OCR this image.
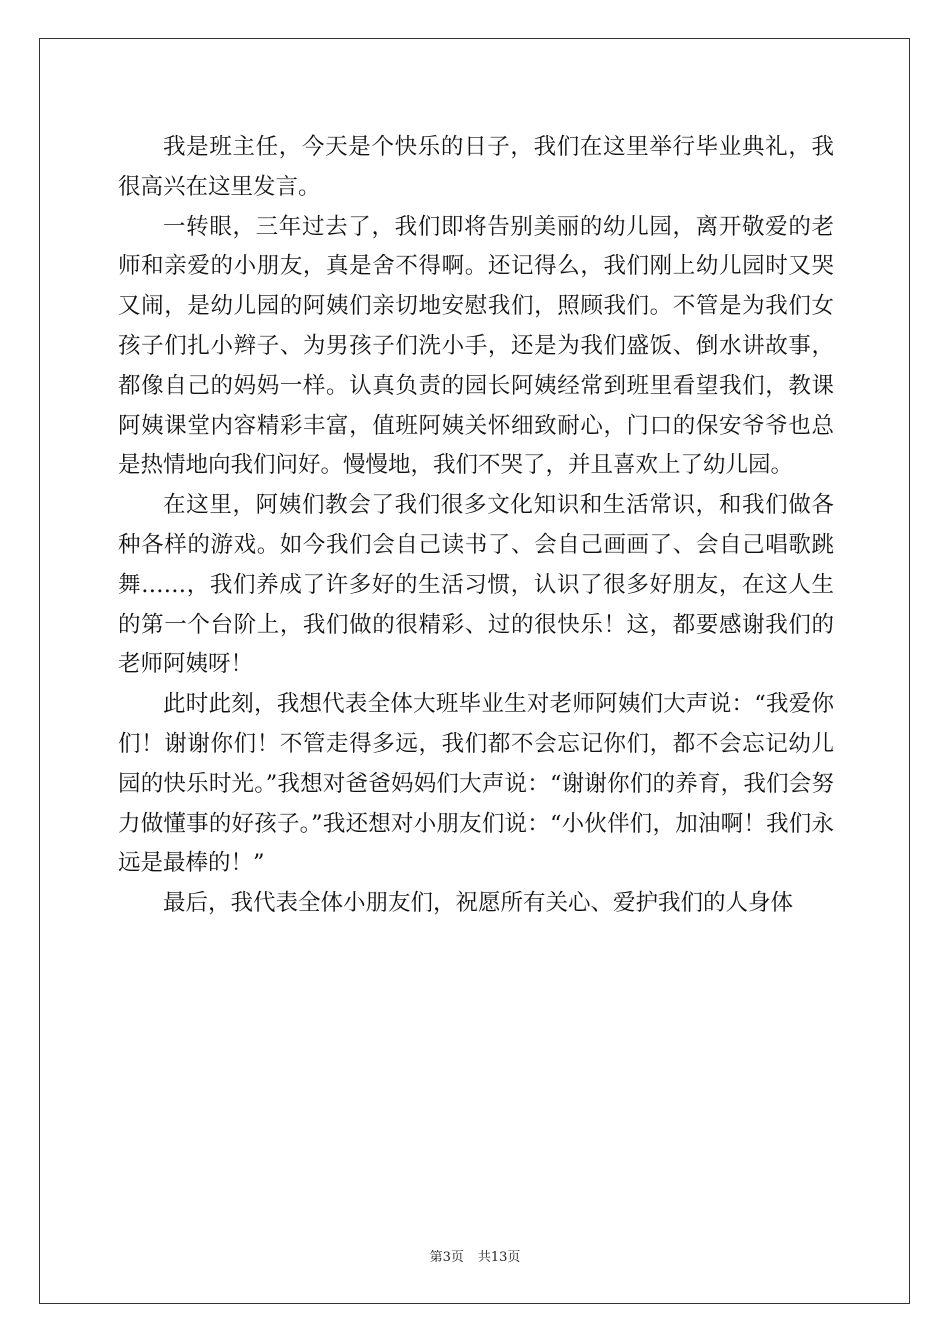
我是班主任，今天是个快乐的日子，我们在这里举行毕业典礼，我很高兴在这里发言。

一转眼，三年过去了，我们即将告别美丽的幼儿园，离开敬爱的老师和亲爱的小朋友，真是舍不得啊。还记得么，我们刚上幼儿园时又哭又闹，是幼儿园的阿姨们亲切地安慰我们，照顾我们。不管是为我们女孩子们扎小辫子、为男孩子们洗小手，还是为我们盛饭、倒水讲故事，都像自己的妈妈一样。认真负责的园长阿姨经常到班里看望我们，教课阿姨课堂内容精彩丰富，值班阿姨关怀细致耐心，门口的保安爷爷也总是热情地向我们问好。慢慢地，我们不哭了，并且喜欢上了幼儿园。

在这里，阿姨们教会了我们很多文化知识和生活常识，和我们做各种各样的游戏。如今我们会自己读书了、会自己画画了、会自己唱歌跳舞……，我们养成了许多好的生活习惯，认识了很多好朋友，在这人生的第一个台阶上，我们做的很精彩、过的很快乐！这，都要感谢我们的老师阿姨呀！

此时此刻，我想代表全体大班毕业生对老师阿姨们大声说：“我爱你们！谢谢你们！不管走得多远，我们都不会忘记你们，都不会忘记幼儿园的快乐时光。”我想对爸爸妈妈们大声说：“谢谢你们的养育，我们会努力做懂事的好孩子。”我还想对小朋友们说：“小伙伴们，加油啊！我们永远是最棒的！”

最后，我代表全体小朋友们，祝愿所有关心、爱护我们的人身体

第3页 共13页
